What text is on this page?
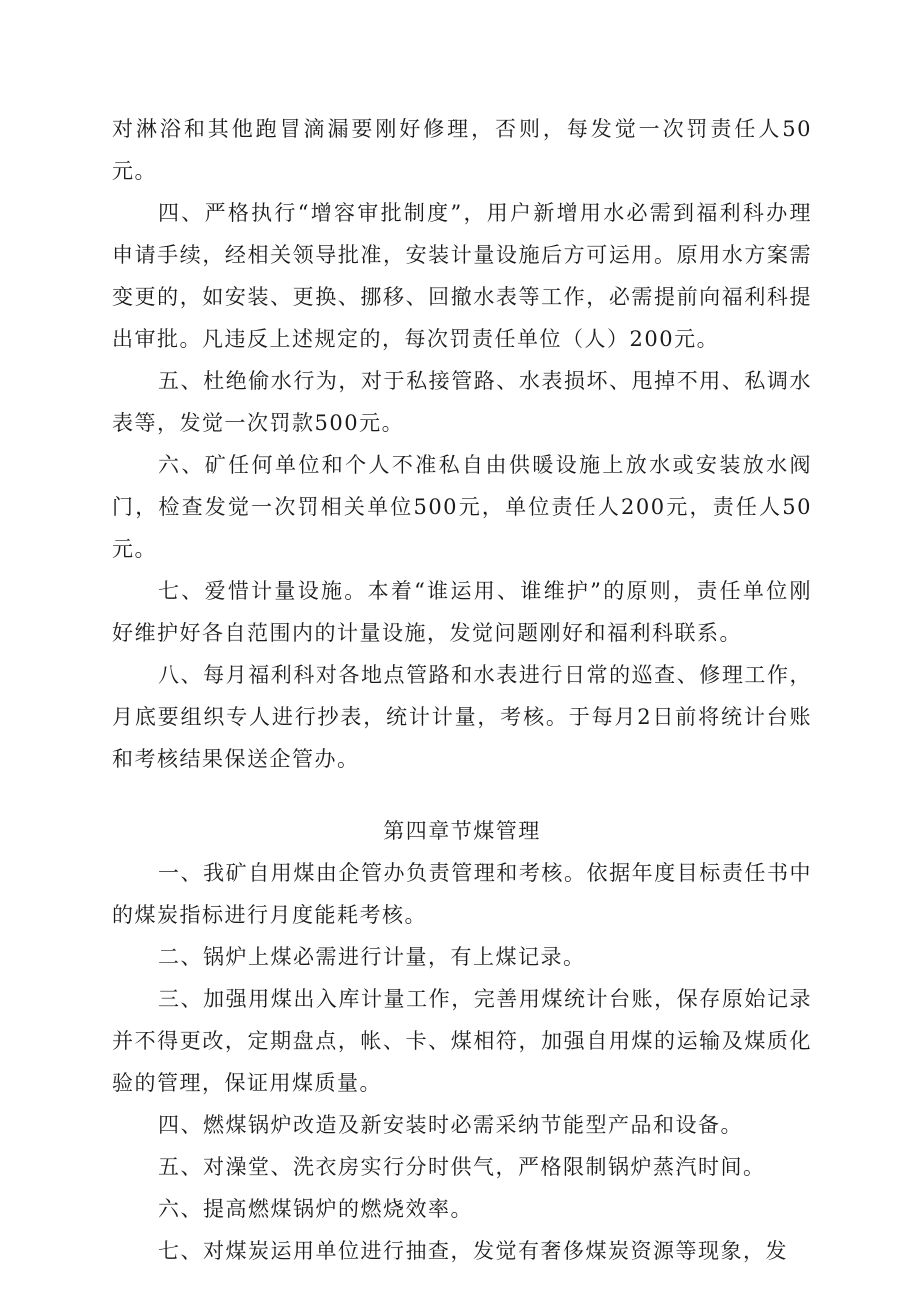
对淋浴和其他跑冒滴漏要刚好修理，否则，每发觉一次罚责任人50元。

四、严格执行“增容审批制度”，用户新增用水必需到福利科办理申请手续，经相关领导批准，安装计量设施后方可运用。原用水方案需变更的，如安装、更换、挪移、回撤水表等工作，必需提前向福利科提出审批。凡违反上述规定的，每次罚责任单位（人）200元。

五、杜绝偷水行为，对于私接管路、水表损坏、甩掉不用、私调水表等，发觉一次罚款500元。

六、矿任何单位和个人不准私自由供暖设施上放水或安装放水阀门，检查发觉一次罚相关单位500元，单位责任人200元，责任人50元。

七、爱惜计量设施。本着“谁运用、谁维护”的原则，责任单位刚好维护好各自范围内的计量设施，发觉问题刚好和福利科联系。

八、每月福利科对各地点管路和水表进行日常的巡查、修理工作，月底要组织专人进行抄表，统计计量，考核。于每月2日前将统计台账和考核结果保送企管办。

第四章节煤管理

一、我矿自用煤由企管办负责管理和考核。依据年度目标责任书中的煤炭指标进行月度能耗考核。

二、锅炉上煤必需进行计量，有上煤记录。

三、加强用煤出入库计量工作，完善用煤统计台账，保存原始记录并不得更改，定期盘点，帐、卡、煤相符，加强自用煤的运输及煤质化验的管理，保证用煤质量。

四、燃煤锅炉改造及新安装时必需采纳节能型产品和设备。

五、对澡堂、洗衣房实行分时供气，严格限制锅炉蒸汽时间。

六、提高燃煤锅炉的燃烧效率。

七、对煤炭运用单位进行抽查，发觉有奢侈煤炭资源等现象，发
